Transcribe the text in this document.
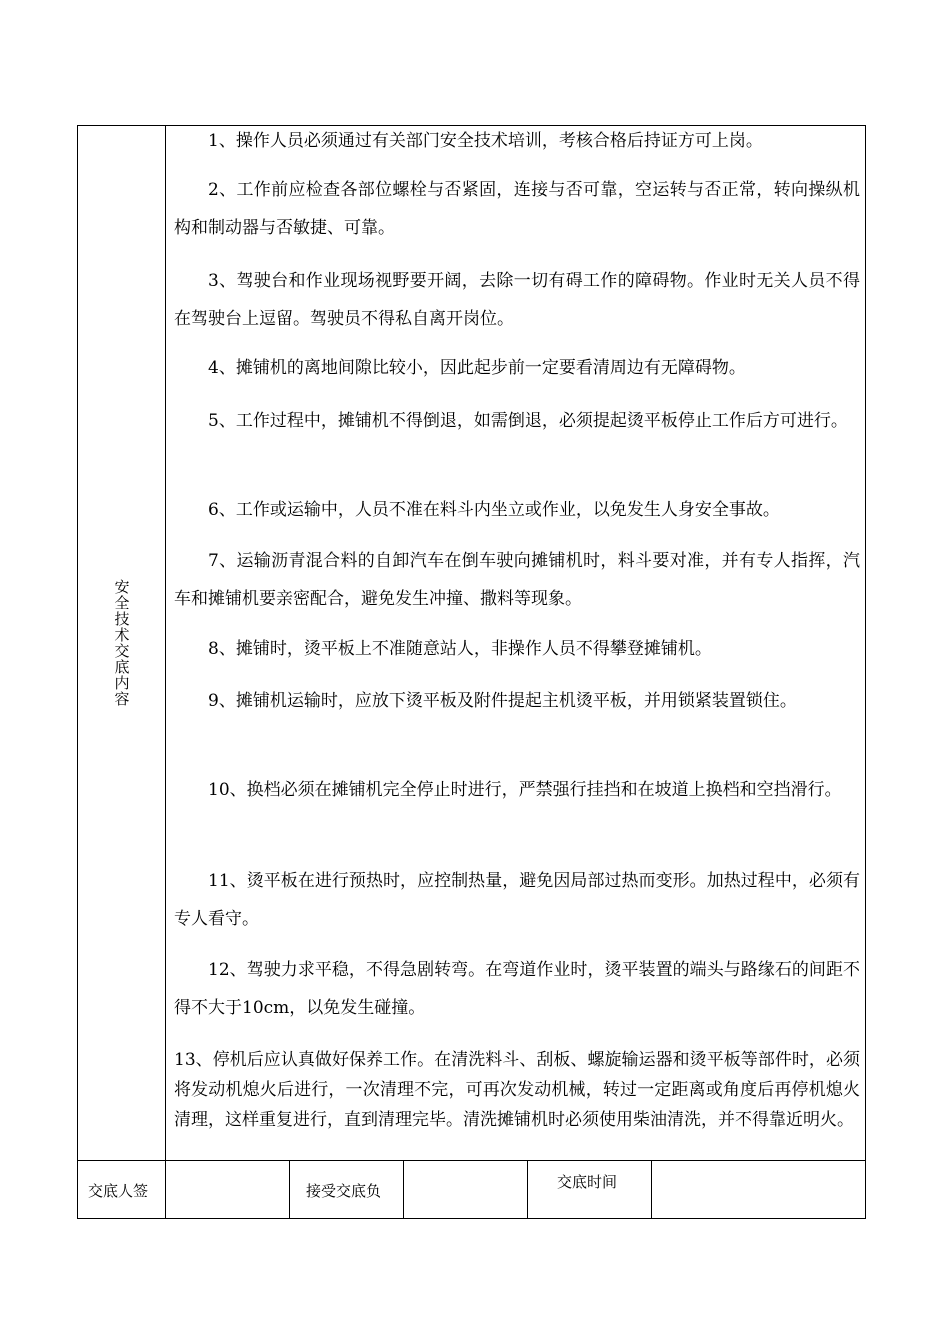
安全技术交底内容

1、操作人员必须通过有关部门安全技术培训，考核合格后持证方可上岗。

2、工作前应检查各部位螺栓与否紧固，连接与否可靠，空运转与否正常，转向操纵机构和制动器与否敏捷、可靠。

3、驾驶台和作业现场视野要开阔，去除一切有碍工作的障碍物。作业时无关人员不得在驾驶台上逗留。驾驶员不得私自离开岗位。

4、摊铺机的离地间隙比较小，因此起步前一定要看清周边有无障碍物。

5、工作过程中，摊铺机不得倒退，如需倒退，必须提起烫平板停止工作后方可进行。

6、工作或运输中，人员不准在料斗内坐立或作业，以免发生人身安全事故。

7、运输沥青混合料的自卸汽车在倒车驶向摊铺机时，料斗要对准，并有专人指挥，汽车和摊铺机要亲密配合，避免发生冲撞、撒料等现象。

8、摊铺时，烫平板上不准随意站人，非操作人员不得攀登摊铺机。

9、摊铺机运输时，应放下烫平板及附件提起主机烫平板，并用锁紧装置锁住。

10、换档必须在摊铺机完全停止时进行，严禁强行挂挡和在坡道上换档和空挡滑行。

11、烫平板在进行预热时，应控制热量，避免因局部过热而变形。加热过程中，必须有专人看守。

12、驾驶力求平稳，不得急剧转弯。在弯道作业时，烫平装置的端头与路缘石的间距不得不大于10cm，以免发生碰撞。

13、停机后应认真做好保养工作。在清洗料斗、刮板、螺旋输运器和烫平板等部件时，必须将发动机熄火后进行，一次清理不完，可再次发动机械，转过一定距离或角度后再停机熄火清理，这样重复进行，直到清理完毕。清洗摊铺机时必须使用柴油清洗，并不得靠近明火。

交底人签	接受交底负	交底时间
